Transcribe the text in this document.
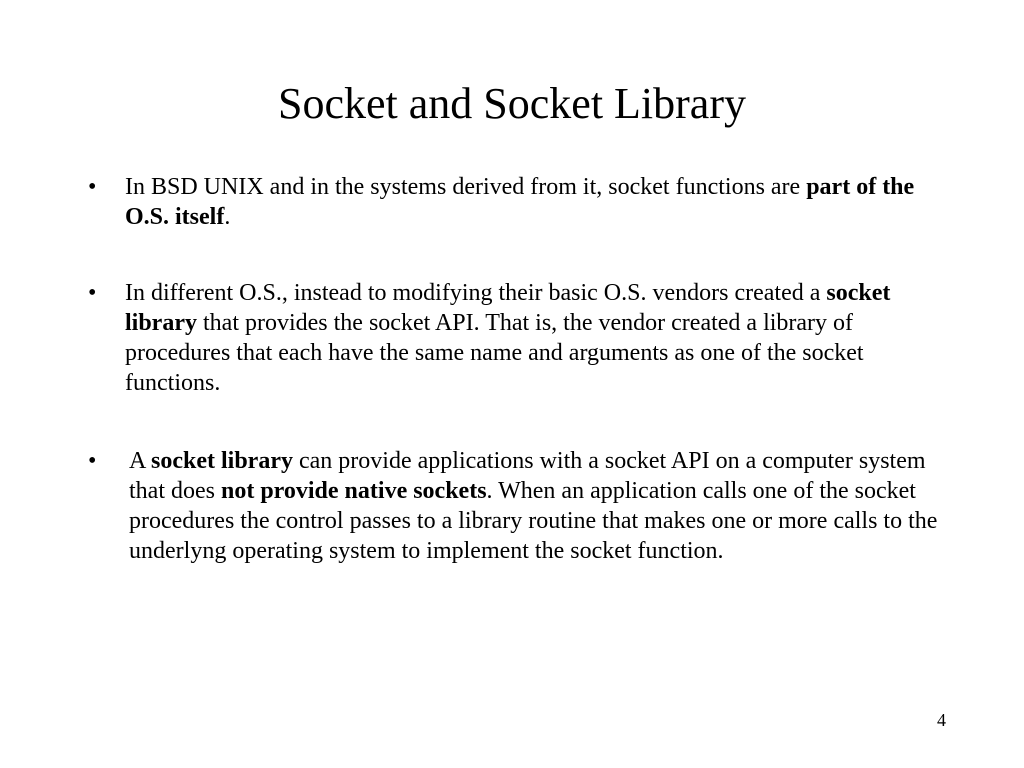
Socket and Socket Library
•	In BSD UNIX and in the systems derived from it, socket functions are part of the O.S. itself.
•	In different O.S., instead to modifying their basic O.S. vendors created a socket library that provides the socket API. That is, the vendor created a library of procedures that each have the same name and arguments as one of the socket functions.
•	A socket library can provide applications with a socket API on a computer system that does not provide native sockets. When an application calls one of the socket procedures the control passes to a library routine that makes one or more calls to the underlyng operating system to implement the socket function.
4
